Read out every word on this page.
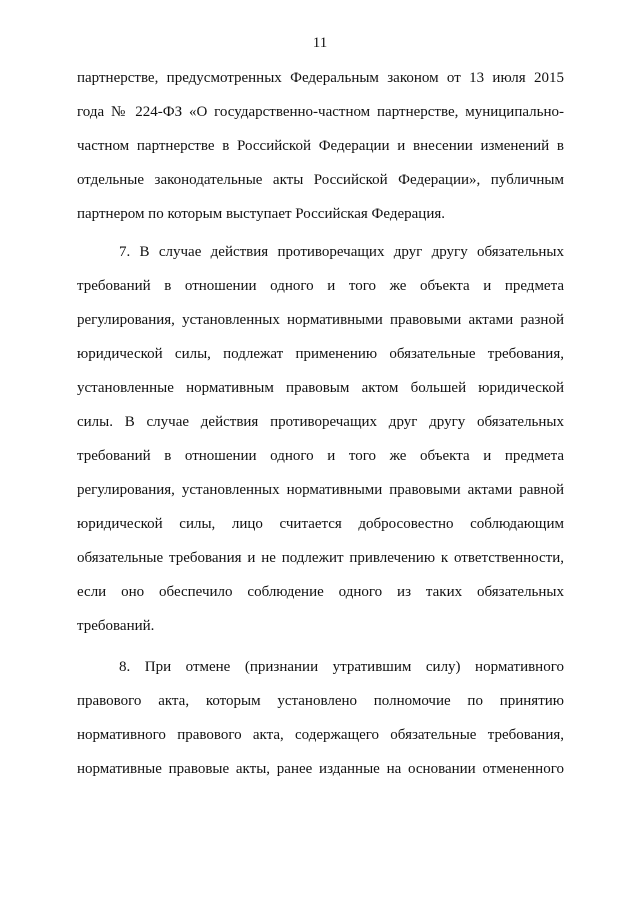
11
партнерстве, предусмотренных Федеральным законом от 13 июля 2015
года № 224-ФЗ «О государственно-частном партнерстве, муниципально-
частном партнерстве в Российской Федерации и внесении изменений в
отдельные законодательные акты Российской Федерации», публичным
партнером по которым выступает Российская Федерация.
7. В случае действия противоречащих друг другу обязательных
требований в отношении одного и того же объекта и предмета
регулирования, установленных нормативными правовыми актами разной
юридической силы, подлежат применению обязательные требования,
установленные нормативным правовым актом большей юридической
силы. В случае действия противоречащих друг другу обязательных
требований в отношении одного и того же объекта и предмета
регулирования, установленных нормативными правовыми актами равной
юридической силы, лицо считается добросовестно соблюдающим
обязательные требования и не подлежит привлечению к ответственности,
если оно обеспечило соблюдение одного из таких обязательных
требований.
8. При отмене (признании утратившим силу) нормативного
правового акта, которым установлено полномочие по принятию
нормативного правового акта, содержащего обязательные требования,
нормативные правовые акты, ранее изданные на основании отмененного
